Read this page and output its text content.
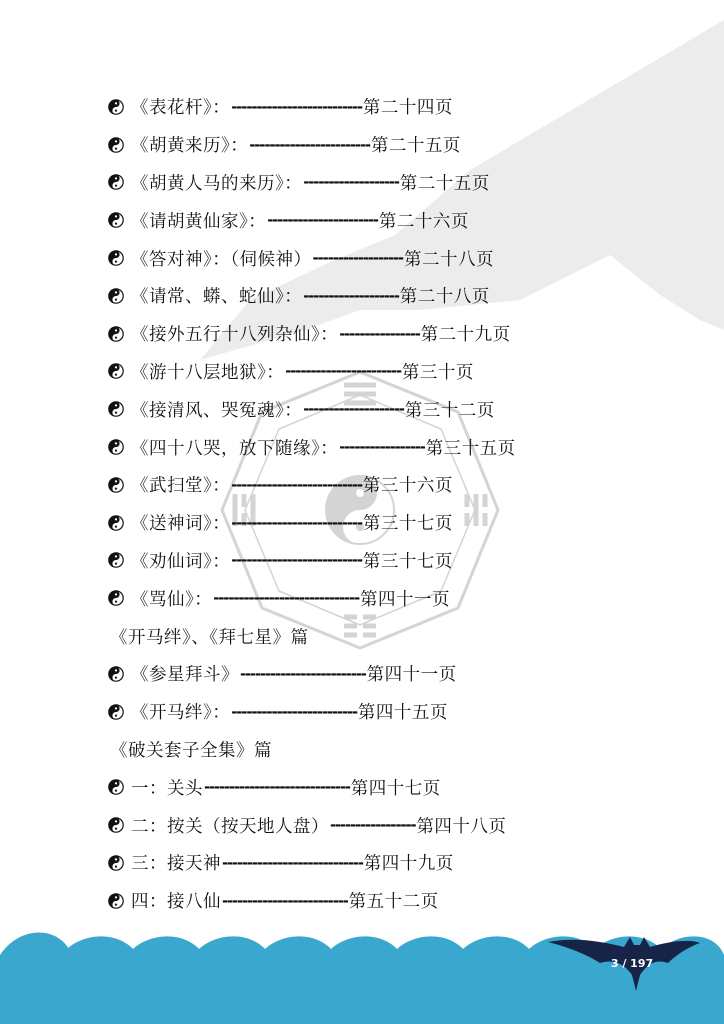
《表花杆》： -------------------------- 第二十四页
《胡黄来历》： ------------------------ 第二十五页
《胡黄人马的来历》： ------------------- 第二十五页
《请胡黄仙家》： ---------------------- 第二十六页
《答对神》：（伺候神） ------------------ 第二十八页
《请常、蟒、蛇仙》： ------------------- 第二十八页
《接外五行十八列杂仙》： ---------------- 第二十九页
《游十八层地狱》： ----------------------- 第三十页
《接清风、哭冤魂》： -------------------- 第三十二页
《四十八哭，放下随缘》： ----------------- 第三十五页
《武扫堂》： -------------------------- 第三十六页
《送神词》： -------------------------- 第三十七页
《劝仙词》： -------------------------- 第三十七页
《骂仙》： ----------------------------- 第四十一页
《开马绊》、《拜七星》篇
《参星拜斗》 ------------------------- 第四十一页
《开马绊》： ------------------------- 第四十五页
《破关套子全集》篇
一：关头 ----------------------------- 第四十七页
二：按关（按天地人盘） ----------------- 第四十八页
三：接天神 ---------------------------- 第四十九页
四：接八仙 ------------------------- 第五十二页
3 / 197
